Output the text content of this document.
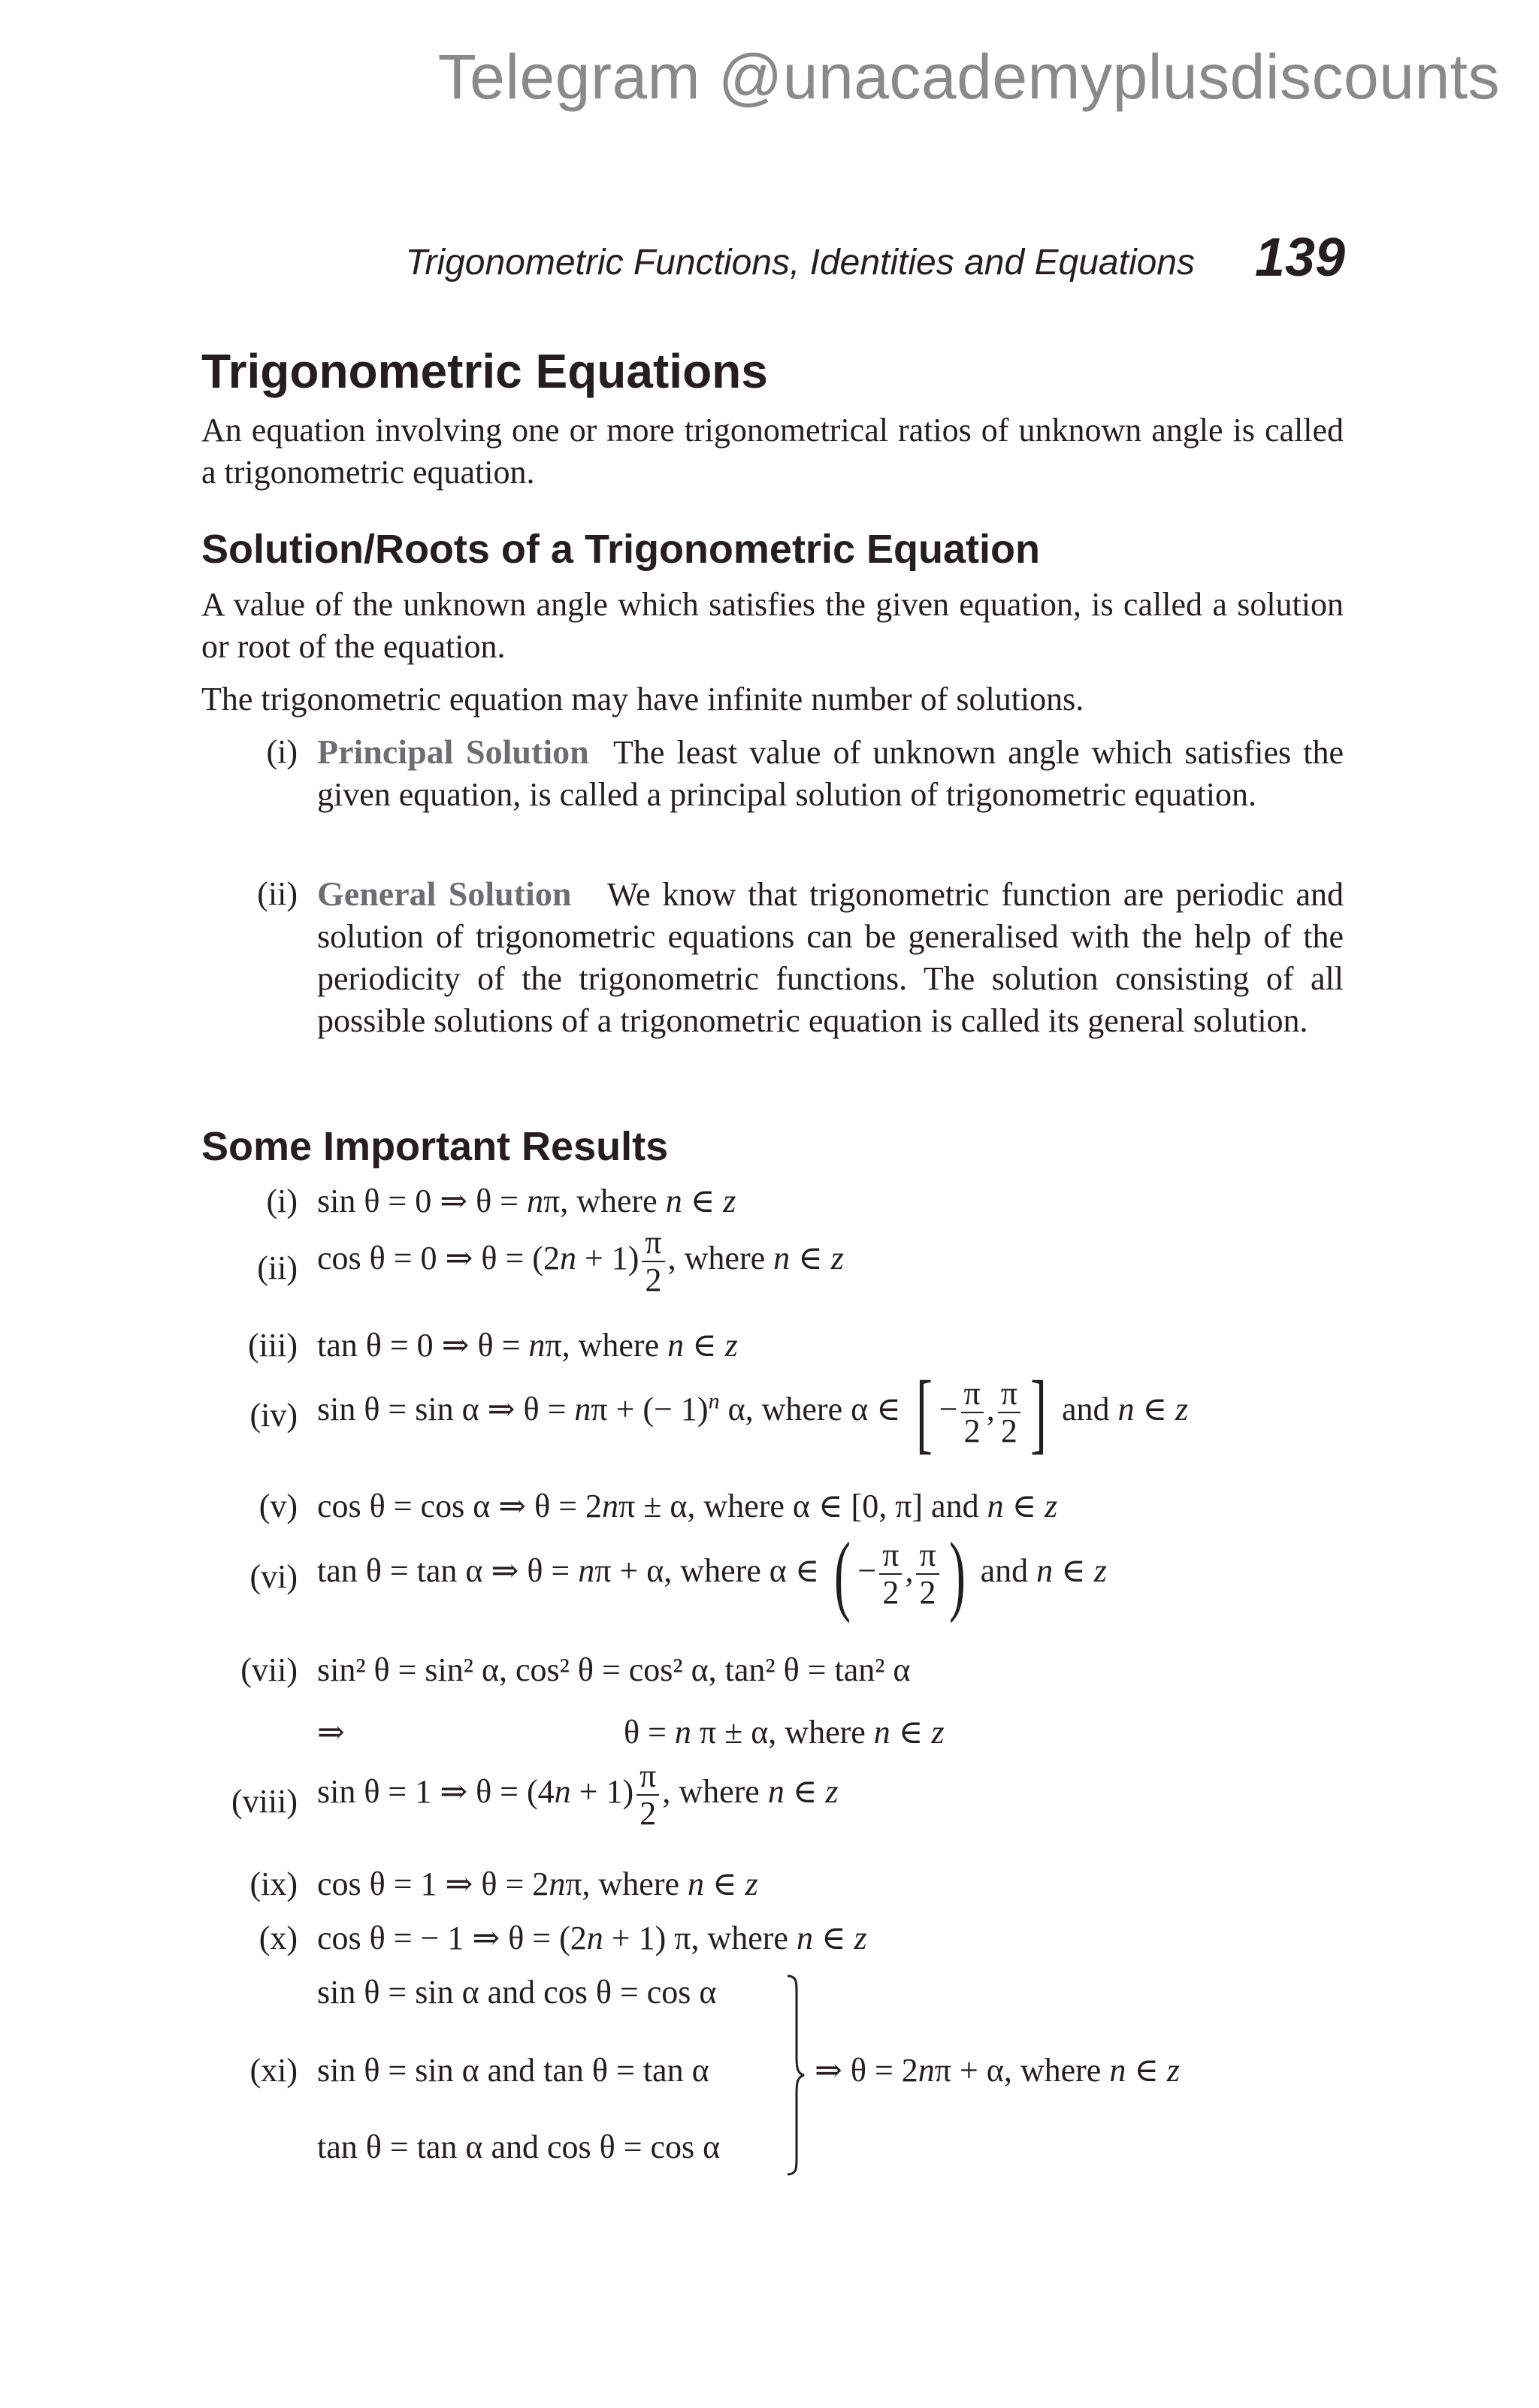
Telegram @unacademyplusdiscounts
Trigonometric Functions, Identities and Equations 139
Trigonometric Equations
An equation involving one or more trigonometrical ratios of unknown angle is called a trigonometric equation.
Solution/Roots of a Trigonometric Equation
A value of the unknown angle which satisfies the given equation, is called a solution or root of the equation.
The trigonometric equation may have infinite number of solutions.
(i) Principal Solution The least value of unknown angle which satisfies the given equation, is called a principal solution of trigonometric equation.
(ii) General Solution We know that trigonometric function are periodic and solution of trigonometric equations can be generalised with the help of the periodicity of the trigonometric functions. The solution consisting of all possible solutions of a trigonometric equation is called its general solution.
Some Important Results
(i) sin θ = 0 ⇒ θ = nπ, where n ∈ z
(ii) cos θ = 0 ⇒ $\theta = (2n + 1) \frac{\pi}{2}$ , where n ∈ z
(iii) tan θ = 0 ⇒ θ = nπ, where n ∈ z
(iv) sin θ = sin α ⇒ θ = nπ + (− 1)$^n$ α, where α ∈ [ − $\frac{\pi}{2}$ , $\frac{\pi}{2}$ ] and n ∈ z
(v) cos θ = cos α ⇒ θ = 2nπ ± α, where α ∈ [0, π] and n ∈ z
(vi) tan θ = tan α ⇒ θ = nπ + α, where α ∈ ( − $\frac{\pi}{2}$ , $\frac{\pi}{2}$ ) and n ∈ z
(vii) sin² θ = sin² α, cos² θ = cos² α, tan² θ = tan² α
⇒	θ = n π ± α, where n ∈ z
(viii) sin θ = 1 ⇒ $\theta = (4n + 1) \frac{\pi}{2}$ , where n ∈ z
(ix) cos θ = 1 ⇒ θ = 2nπ, where n ∈ z
(x) cos θ = − 1 ⇒ θ = (2n + 1) π, where n ∈ z
sin θ = sin α and cos θ = cos α
(xi) sin θ = sin α and tan θ = tan α
tan θ = tan α and cos θ = cos α
⇒ θ = 2nπ + α, where n ∈ z
